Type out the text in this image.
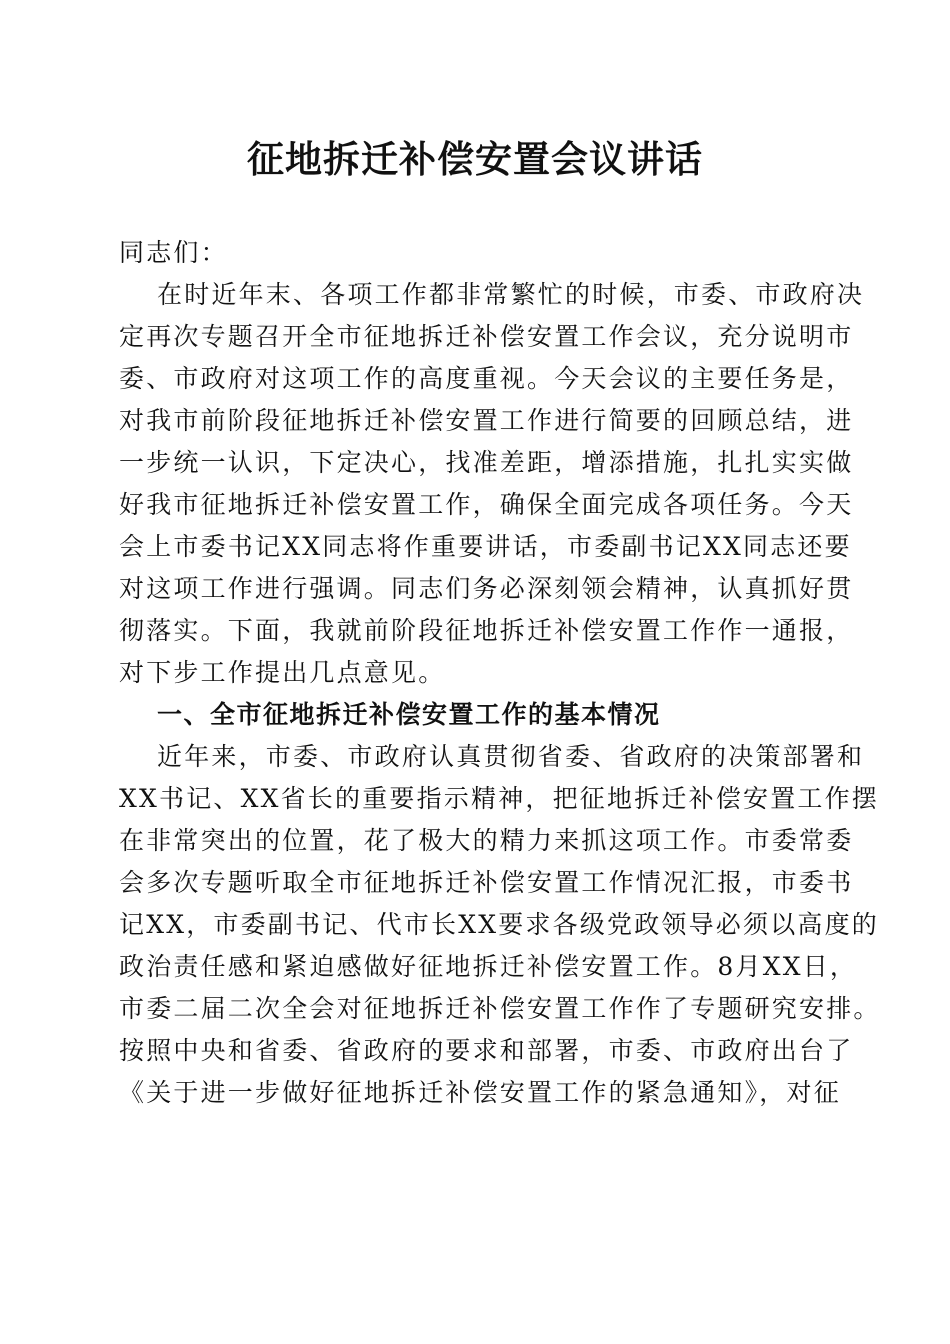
征地拆迁补偿安置会议讲话
同志们：
在时近年末、各项工作都非常繁忙的时候，市委、市政府决
定再次专题召开全市征地拆迁补偿安置工作会议，充分说明市
委、市政府对这项工作的高度重视。今天会议的主要任务是，
对我市前阶段征地拆迁补偿安置工作进行简要的回顾总结，进
一步统一认识，下定决心，找准差距，增添措施，扎扎实实做
好我市征地拆迁补偿安置工作，确保全面完成各项任务。今天
会上市委书记XX同志将作重要讲话，市委副书记XX同志还要
对这项工作进行强调。同志们务必深刻领会精神，认真抓好贯
彻落实。下面，我就前阶段征地拆迁补偿安置工作作一通报，
对下步工作提出几点意见。
一、全市征地拆迁补偿安置工作的基本情况
近年来，市委、市政府认真贯彻省委、省政府的决策部署和
XX书记、XX省长的重要指示精神，把征地拆迁补偿安置工作摆
在非常突出的位置，花了极大的精力来抓这项工作。市委常委
会多次专题听取全市征地拆迁补偿安置工作情况汇报，市委书
记XX，市委副书记、代市长XX要求各级党政领导必须以高度的
政治责任感和紧迫感做好征地拆迁补偿安置工作。8月XX日，
市委二届二次全会对征地拆迁补偿安置工作作了专题研究安排。
按照中央和省委、省政府的要求和部署，市委、市政府出台了
《关于进一步做好征地拆迁补偿安置工作的紧急通知》，对征
